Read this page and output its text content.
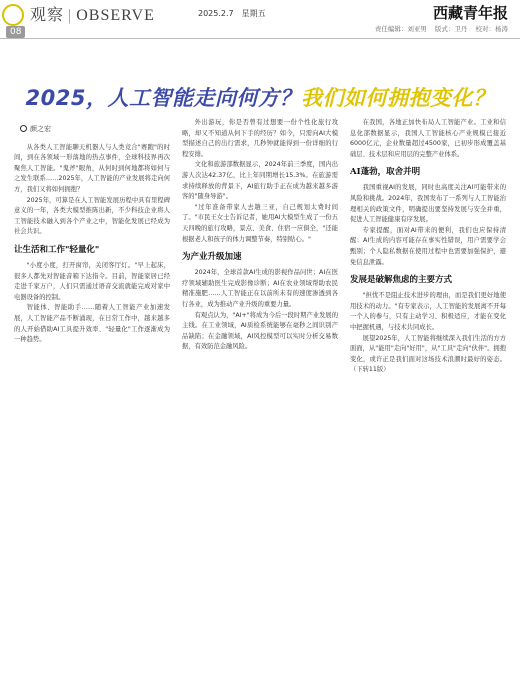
观察 | OBSERVE
08
2025.2.7 星期五	西藏青年报
责任编辑：刘亚男 版式：卫丹 校对：杨涛
2025，人工智能走向何方？我们如何拥抱变化？
颜之宏

从各类人工智能聊天机器人与人类竞合"赛跑"的时间，到在各领域一形落地的热点事件，全球科技界再次聚焦人工智能。"鬼斧"眼角，从何时到何地都将如何与之发生联系……2025年，人工智能的产业发展将走向何方，我们又将如何拥抱？

2025年，可算是在人工智能发展历程中具有里程碑意义的一年，各类大模型推陈出新，不少科技企业将人工智能技术融入到各个产业之中，智能化发展已经成为社会共识。

让生活和工作"轻量化"

"小度小度，打开窗帘，关闭客厅灯。"早上起床，很多人都先对智能音箱下达指令。目前，智能家居已经走进千家万户，人们只需通过语音交流就能完成对家中电器设备的控制。

智能体、智能助手……随着人工智能产业加速发展，人工智能产品不断涌现，在日常工作中，越来越多的人开始借助AI工具提升效率、"轻量化"工作逐渐成为一种趋势。

外出游玩，你是否曾有过想要一份个性化旅行攻略，却又不知道从何下手的经历？如今，只需向AI大模型描述自己的出行需求，几秒钟就能得到一份详细的行程安排。

文化和旅游部数据显示，2024年前三季度，国内出游人次达42.37亿，比上年同期增长15.3%。在旅游需求持续释放的背景下，AI旅行助手正在成为越来越多游客的"随身导游"。

"过年准备带家人去趟三亚，自己规划太费时间了。"市民王女士告诉记者，她用AI大模型生成了一份五天四晚的旅行攻略，景点、美食、住宿一应俱全，"还能根据老人和孩子的体力调整节奏，特别贴心。"

为产业升级加速

2024年，全球首款AI生成的影视作品问世；AI在医疗领域辅助医生完成影像诊断；AI在农业领域帮助农民精准施肥……人工智能正在以前所未有的速度渗透到各行各业，成为推动产业升级的重要力量。

有观点认为，"AI+"将成为今后一段时期产业发展的主线。在工业领域，AI质检系统能够在毫秒之间识别产品缺陷；在金融领域，AI风控模型可以实时分析交易数据，有效防范金融风险。

在我国，各地正加快布局人工智能产业。工业和信息化部数据显示，我国人工智能核心产业规模已接近6000亿元，企业数量超过4500家，已初步形成覆盖基础层、技术层和应用层的完整产业体系。

AI蓬勃，取舍并明

我国重视AI的发展，同时也高度关注AI可能带来的风险和挑战。2024年，我国发布了一系列与人工智能治理相关的政策文件，明确提出要坚持发展与安全并重，促进人工智能健康有序发展。

专家提醒，面对AI带来的便利，我们也应保持清醒：AI生成的内容可能存在事实性错误，用户需要学会甄别；个人隐私数据在使用过程中也需要加强保护，避免信息泄露。

发展是破解焦虑的主要方式

"担忧不是阻止技术进步的理由，而是我们更好地使用技术的动力。"有专家表示，人工智能的发展离不开每一个人的参与，只有主动学习、积极适应，才能在变化中把握机遇，与技术共同成长。

展望2025年，人工智能将继续深入我们生活的方方面面，从"能用"走向"好用"，从"工具"走向"伙伴"。拥抱变化，或许正是我们面对这场技术浪潮时最好的姿态。（下转11版）
